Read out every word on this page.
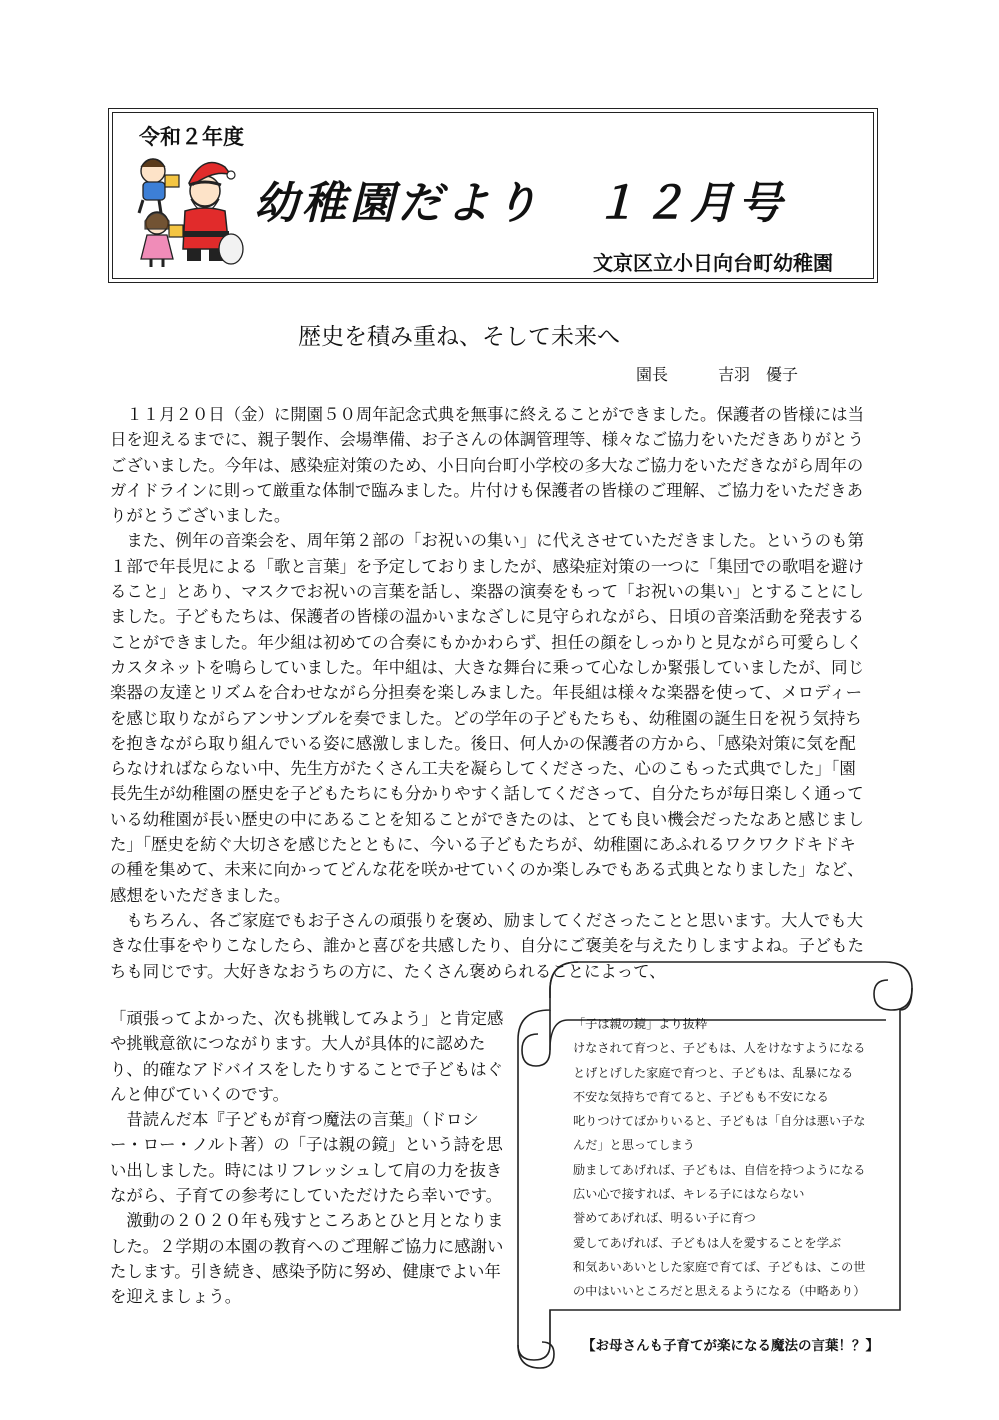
令和２年度
幼稚園だより １２月号
文京区立小日向台町幼稚園
歴史を積み重ね、そして未来へ
園長	吉羽　優子

１１月２０日（金）に開園５０周年記念式典を無事に終えることができました。保護者の皆様には当日を迎えるまでに、親子製作、会場準備、お子さんの体調管理等、様々なご協力をいただきありがとうございました。今年は、感染症対策のため、小日向台町小学校の多大なご協力をいただきながら周年のガイドラインに則って厳重な体制で臨みました。片付けも保護者の皆様のご理解、ご協力をいただきありがとうございました。

また、例年の音楽会を、周年第２部の「お祝いの集い」に代えさせていただきました。というのも第１部で年長児による「歌と言葉」を予定しておりましたが、感染症対策の一つに「集団での歌唱を避けること」とあり、マスクでお祝いの言葉を話し、楽器の演奏をもって「お祝いの集い」とすることにしました。子どもたちは、保護者の皆様の温かいまなざしに見守られながら、日頃の音楽活動を発表することができました。年少組は初めての合奏にもかかわらず、担任の顔をしっかりと見ながら可愛らしくカスタネットを鳴らしていました。年中組は、大きな舞台に乗って心なしか緊張していましたが、同じ楽器の友達とリズムを合わせながら分担奏を楽しみました。年長組は様々な楽器を使って、メロディーを感じ取りながらアンサンブルを奏でました。どの学年の子どもたちも、幼稚園の誕生日を祝う気持ちを抱きながら取り組んでいる姿に感激しました。後日、何人かの保護者の方から、「感染対策に気を配らなければならない中、先生方がたくさん工夫を凝らしてくださった、心のこもった式典でした」「園長先生が幼稚園の歴史を子どもたちにも分かりやすく話してくださって、自分たちが毎日楽しく通っている幼稚園が長い歴史の中にあることを知ることができたのは、とても良い機会だったなあと感じました」「歴史を紡ぐ大切さを感じたとともに、今いる子どもたちが、幼稚園にあふれるワクワクドキドキの種を集めて、未来に向かってどんな花を咲かせていくのか楽しみでもある式典となりました」など、感想をいただきました。

もちろん、各ご家庭でもお子さんの頑張りを褒め、励ましてくださったことと思います。大人でも大きな仕事をやりこなしたら、誰かと喜びを共感したり、自分にご褒美を与えたりしますよね。子どもたちも同じです。大好きなおうちの方に、たくさん褒められることによって、

「頑張ってよかった、次も挑戦してみよう」と肯定感や挑戦意欲につながります。大人が具体的に認めたり、的確なアドバイスをしたりすることで子どもはぐんと伸びていくのです。

昔読んだ本『子どもが育つ魔法の言葉』（ドロシー・ロー・ノルト著）の「子は親の鏡」という詩を思い出しました。時にはリフレッシュして肩の力を抜きながら、子育ての参考にしていただけたら幸いです。

激動の２０２０年も残すところあとひと月となりました。２学期の本園の教育へのご理解ご協力に感謝いたします。引き続き、感染予防に努め、健康でよい年を迎えましょう。

「子は親の鏡」より抜粋
けなされて育つと、子どもは、人をけなすようになる
とげとげした家庭で育つと、子どもは、乱暴になる
不安な気持ちで育てると、子どもも不安になる
叱りつけてばかりいると、子どもは「自分は悪い子な
んだ」と思ってしまう
励ましてあげれば、子どもは、自信を持つようになる
広い心で接すれば、キレる子にはならない
誉めてあげれば、明るい子に育つ
愛してあげれば、子どもは人を愛することを学ぶ
和気あいあいとした家庭で育てば、子どもは、この世
の中はいいところだと思えるようになる（中略あり）
【お母さんも子育てが楽になる魔法の言葉！？】
